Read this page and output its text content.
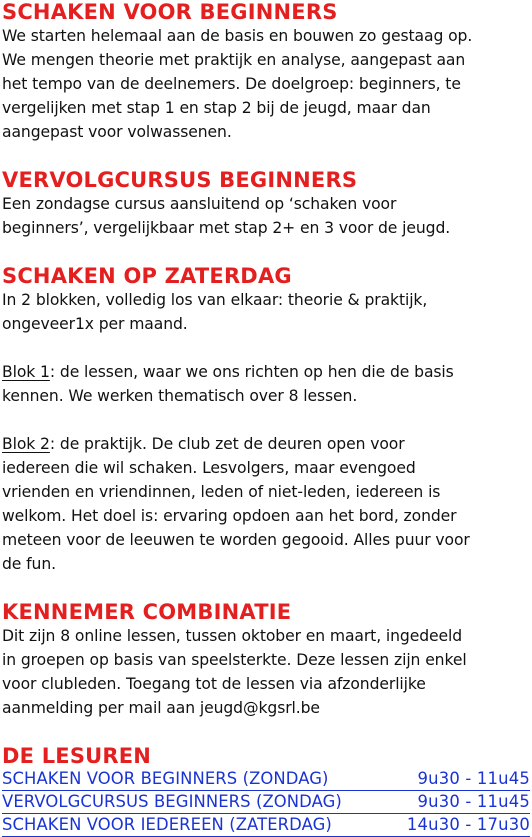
SCHAKEN VOOR BEGINNERS

We starten helemaal aan de basis en bouwen zo gestaag op.
We mengen theorie met praktijk en analyse, aangepast aan
het tempo van de deelnemers. De doelgroep: beginners, te
vergelijken met stap 1 en stap 2 bij de jeugd, maar dan
aangepast voor volwassenen.

VERVOLGCURSUS BEGINNERS

Een zondagse cursus aansluitend op ‘schaken voor
beginners’, vergelijkbaar met stap 2+ en 3 voor de jeugd.

SCHAKEN OP ZATERDAG

In 2 blokken, volledig los van elkaar: theorie & praktijk,
ongeveer1x per maand.

Blok 1: de lessen, waar we ons richten op hen die de basis
kennen. We werken thematisch over 8 lessen.

Blok 2: de praktijk. De club zet de deuren open voor
iedereen die wil schaken. Lesvolgers, maar evengoed
vrienden en vriendinnen, leden of niet-leden, iedereen is
welkom. Het doel is: ervaring opdoen aan het bord, zonder
meteen voor de leeuwen te worden gegooid. Alles puur voor
de fun.

KENNEMER COMBINATIE

Dit zijn 8 online lessen, tussen oktober en maart, ingedeeld
in groepen op basis van speelsterkte. Deze lessen zijn enkel
voor clubleden. Toegang tot de lessen via afzonderlijke
aanmelding per mail aan jeugd@kgsrl.be

DE LESUREN
SCHAKEN VOOR BEGINNERS (ZONDAG)	9u30 - 11u45
VERVOLGCURSUS BEGINNERS (ZONDAG)	9u30 - 11u45
SCHAKEN VOOR IEDEREEN (ZATERDAG)	14u30 - 17u30
